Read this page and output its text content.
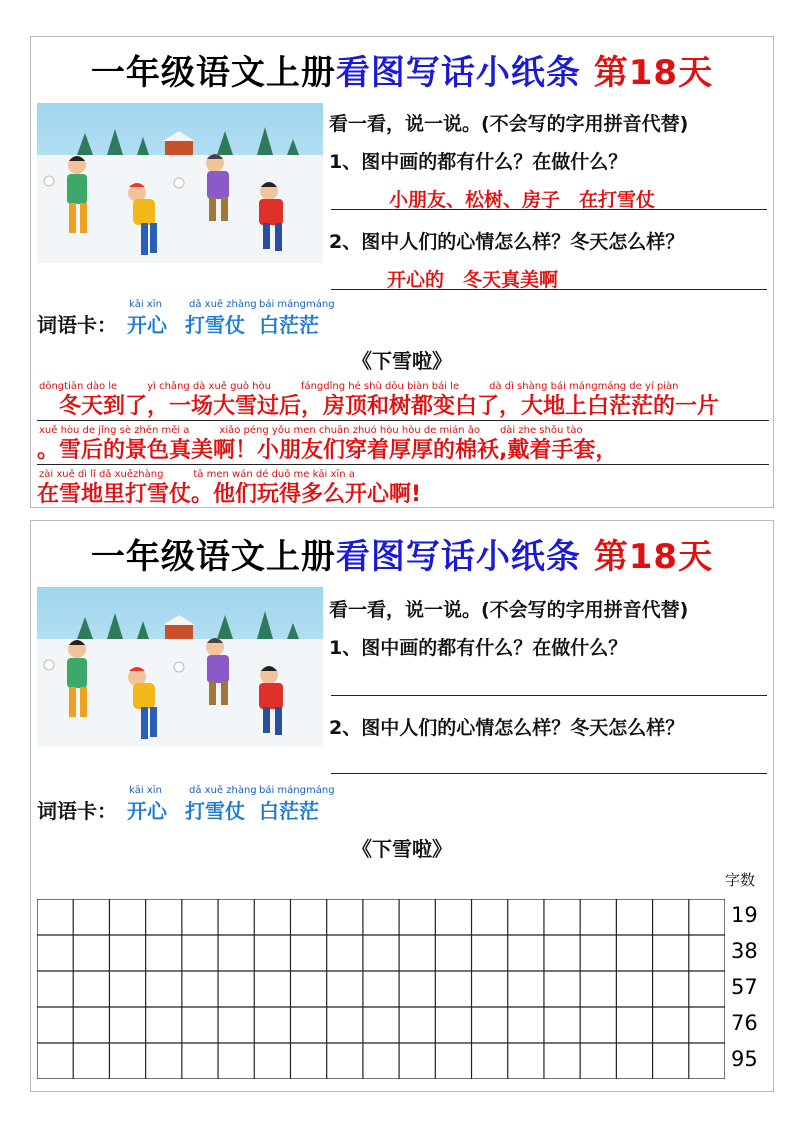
一年级语文上册看图写话小纸条 第18天
看一看，说一说。(不会写的字用拼音代替)
1、图中画的都有什么？在做什么？
小朋友、松树、房子　在打雪仗
2、图中人们的心情怎么样？冬天怎么样？
开心的　冬天真美啊
词语卡：
kāi xīn
开心
dǎ xuě zhàng
打雪仗
bái mángmáng
白茫茫
《下雪啦》
dōngtiān dào le　　　yì chǎng dà xuě guò hòu　　　fángdǐng hé shù dōu biàn bái le　　　dà dì shàng bái mángmáng de yí piàn
　冬天到了，一场大雪过后，房顶和树都变白了，大地上白茫茫的一片
xuě hòu de jǐng sè zhēn měi a　　　xiǎo péng yǒu men chuān zhuó hòu hòu de mián ǎo　　dài zhe shǒu tào
。雪后的景色真美啊！小朋友们穿着厚厚的棉袄,戴着手套，
zài xuě dì lǐ dǎ xuězhàng　　　tā men wán dé duō me kāi xīn a
在雪地里打雪仗。他们玩得多么开心啊!
一年级语文上册看图写话小纸条 第18天
看一看，说一说。(不会写的字用拼音代替)
1、图中画的都有什么？在做什么？
2、图中人们的心情怎么样？冬天怎么样？
词语卡：
kāi xīn
开心
dǎ xuě zhàng
打雪仗
bái mángmáng
白茫茫
《下雪啦》
字数
19
38
57
76
95
